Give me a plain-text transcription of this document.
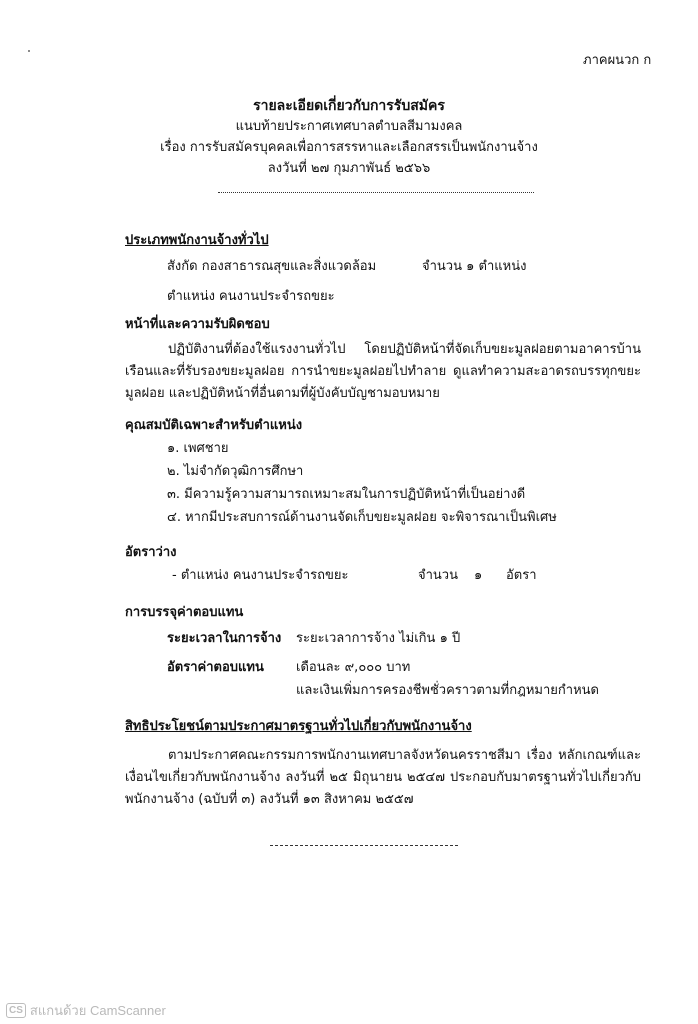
ภาคผนวก ก
รายละเอียดเกี่ยวกับการรับสมัคร
แนบท้ายประกาศเทศบาลตำบลสีมามงคล
เรื่อง การรับสมัครบุคคลเพื่อการสรรหาและเลือกสรรเป็นพนักงานจ้าง
ลงวันที่ ๒๗ กุมภาพันธ์ ๒๕๖๖
ประเภทพนักงานจ้างทั่วไป
สังกัด กองสาธารณสุขและสิ่งแวดล้อม	จำนวน ๑ ตำแหน่ง
ตำแหน่ง คนงานประจำรถขยะ
หน้าที่และความรับผิดชอบ
ปฏิบัติงานที่ต้องใช้แรงงานทั่วไป โดยปฏิบัติหน้าที่จัดเก็บขยะมูลฝอยตามอาคารบ้านเรือนและที่รับรองขยะมูลฝอย การนำขยะมูลฝอยไปทำลาย ดูแลทำความสะอาดรถบรรทุกขยะมูลฝอย และปฏิบัติหน้าที่อื่นตามที่ผู้บังคับบัญชามอบหมาย
คุณสมบัติเฉพาะสำหรับตำแหน่ง
๑. เพศชาย
๒. ไม่จำกัดวุฒิการศึกษา
๓. มีความรู้ความสามารถเหมาะสมในการปฏิบัติหน้าที่เป็นอย่างดี
๔. หากมีประสบการณ์ด้านงานจัดเก็บขยะมูลฝอย จะพิจารณาเป็นพิเศษ
อัตราว่าง
- ตำแหน่ง คนงานประจำรถขยะ	จำนวน ๑ อัตรา
การบรรจุค่าตอบแทน
ระยะเวลาในการจ้าง ระยะเวลาการจ้าง ไม่เกิน ๑ ปี
อัตราค่าตอบแทน เดือนละ ๙,๐๐๐ บาท
และเงินเพิ่มการครองชีพชั่วคราวตามที่กฎหมายกำหนด
สิทธิประโยชน์ตามประกาศมาตรฐานทั่วไปเกี่ยวกับพนักงานจ้าง
ตามประกาศคณะกรรมการพนักงานเทศบาลจังหวัดนครราชสีมา เรื่อง หลักเกณฑ์และเงื่อนไขเกี่ยวกับพนักงานจ้าง ลงวันที่ ๒๕ มิถุนายน ๒๕๔๗ ประกอบกับมาตรฐานทั่วไปเกี่ยวกับ พนักงานจ้าง (ฉบับที่ ๓) ลงวันที่ ๑๓ สิงหาคม ๒๕๕๗
CS สแกนด้วย CamScanner
